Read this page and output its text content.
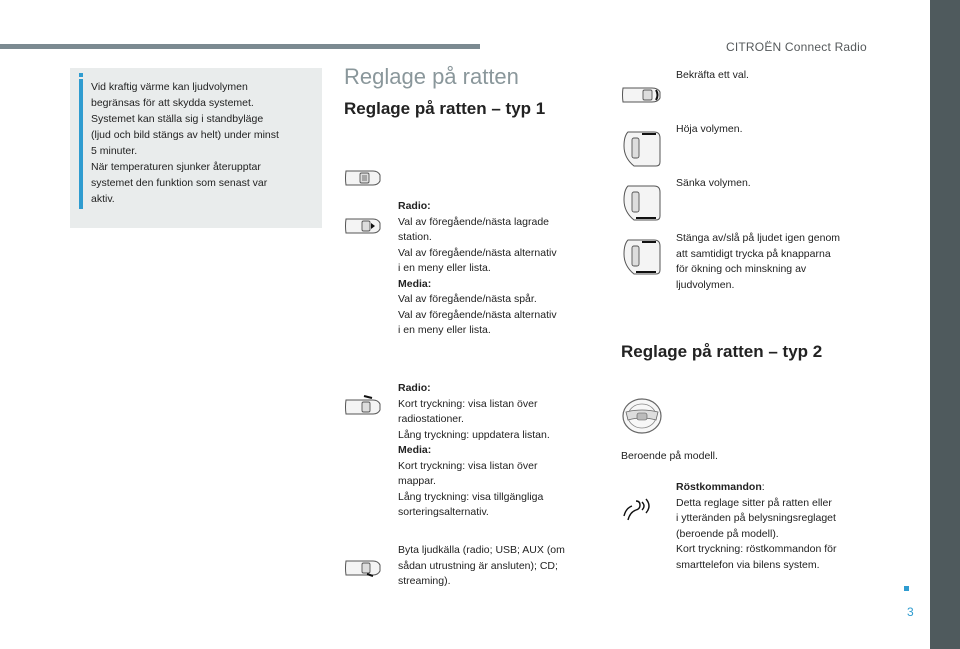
CITROËN Connect Radio
3
Vid kraftig värme kan ljudvolymen
begränsas för att skydda systemet.
Systemet kan ställa sig i standbyläge
(ljud och bild stängs av helt) under minst
5 minuter.
När temperaturen sjunker återupptar
systemet den funktion som senast var
aktiv.
Reglage på ratten
Reglage på ratten – typ 1
Reglage på ratten – typ 2
Radio:
Val av föregående/nästa lagrade
station.
Val av föregående/nästa alternativ
i en meny eller lista.
Media:
Val av föregående/nästa spår.
Val av föregående/nästa alternativ
i en meny eller lista.
Radio:
Kort tryckning: visa listan över
radiostationer.
Lång tryckning: uppdatera listan.
Media:
Kort tryckning: visa listan över
mappar.
Lång tryckning: visa tillgängliga
sorteringsalternativ.
Byta ljudkälla (radio; USB; AUX (om
sådan utrustning är ansluten); CD;
streaming).
Bekräfta ett val.
Höja volymen.
Sänka volymen.
Stänga av/slå på ljudet igen genom
att samtidigt trycka på knapparna
för ökning och minskning av
ljudvolymen.
Beroende på modell.
Röstkommandon:
Detta reglage sitter på ratten eller
i ytteränden på belysningsreglaget
(beroende på modell).
Kort tryckning: röstkommandon för
smarttelefon via bilens system.
